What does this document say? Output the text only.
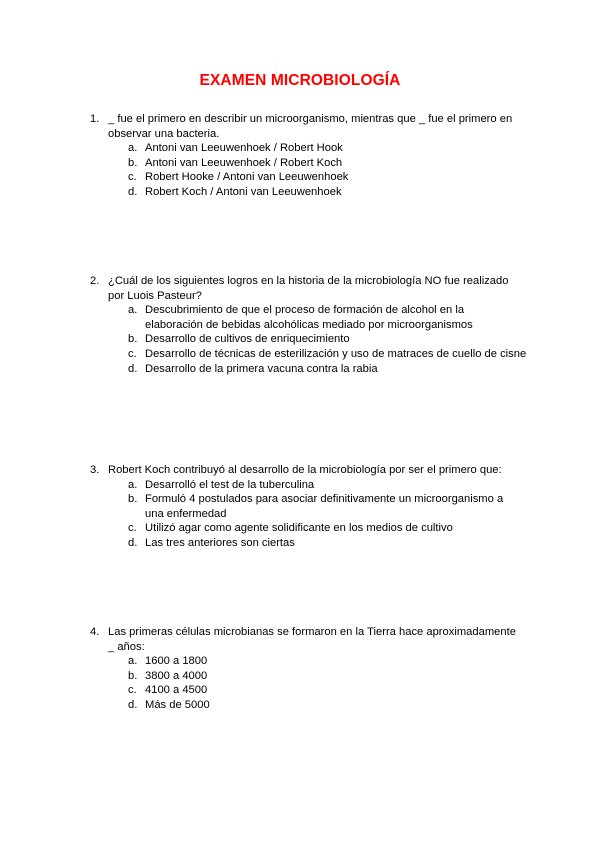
EXAMEN MICROBIOLOGÍA
1. _ fue el primero en describir un microorganismo, mientras que _ fue el primero en observar una bacteria.
a. Antoni van Leeuwenhoek / Robert Hook
b. Antoni van Leeuwenhoek / Robert Koch
c. Robert Hooke / Antoni van Leeuwenhoek
d. Robert Koch / Antoni van Leeuwenhoek
2. ¿Cuál de los siguientes logros en la historia de la microbiología NO fue realizado por Luois Pasteur?
a. Descubrimiento de que el proceso de formación de alcohol en la elaboración de bebidas alcohólicas mediado por microorganismos
b. Desarrollo de cultivos de enriquecimiento
c. Desarrollo de técnicas de esterilización y uso de matraces de cuello de cisne
d. Desarrollo de la primera vacuna contra la rabia
3. Robert Koch contribuyó al desarrollo de la microbiología por ser el primero que:
a. Desarrolló el test de la tuberculina
b. Formuló 4 postulados para asociar definitivamente un microorganismo a una enfermedad
c. Utilizó agar como agente solidificante en los medios de cultivo
d. Las tres anteriores son ciertas
4. Las primeras células microbianas se formaron en la Tierra hace aproximadamente _ años:
a. 1600 a 1800
b. 3800 a 4000
c. 4100 a 4500
d. Más de 5000
